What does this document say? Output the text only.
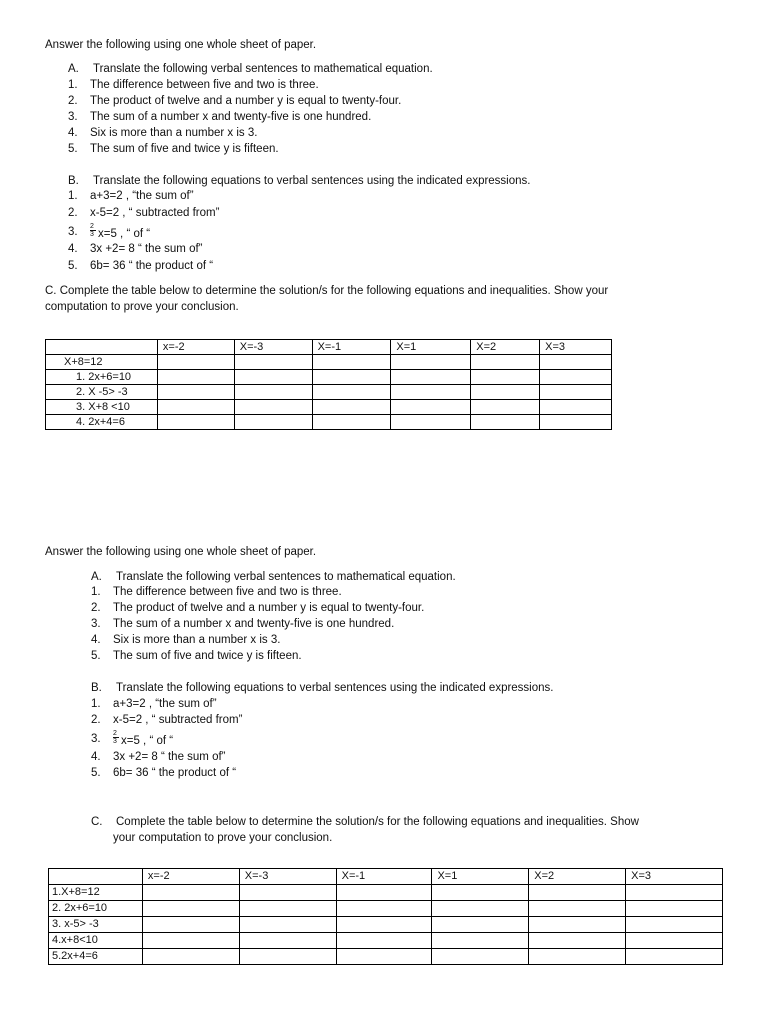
Answer the following using one whole sheet of paper.
A. Translate the following verbal sentences to mathematical equation.
1. The difference between five and two is three.
2. The product of twelve and a number y is equal to twenty-four.
3. The sum of a number x and twenty-five is one hundred.
4. Six is more than a number x is 3.
5. The sum of five and twice y is fifteen.
B. Translate the following equations to verbal sentences using the indicated expressions.
1. a+3=2 , “the sum of”
2. x-5=2 , “ subtracted from”
3. $\frac{2}{3} x=5$ , “ of “
4. 3x +2= 8 “ the sum of”
5. 6b= 36 “ the product of “
C. Complete the table below to determine the solution/s for the following equations and inequalities. Show your
computation to prove your conclusion.
	x=-2	X=-3	X=-1	X=1	X=2	X=3
X+8=12						
1. 2x+6=10						
2. X -5> -3						
3. X+8 <10						
4. 2x+4=6						
Answer the following using one whole sheet of paper.
A. Translate the following verbal sentences to mathematical equation.
1. The difference between five and two is three.
2. The product of twelve and a number y is equal to twenty-four.
3. The sum of a number x and twenty-five is one hundred.
4. Six is more than a number x is 3.
5. The sum of five and twice y is fifteen.
B. Translate the following equations to verbal sentences using the indicated expressions.
1. a+3=2 , “the sum of”
2. x-5=2 , “ subtracted from”
3. $\frac{2}{3} x=5$ , “ of “
4. 3x +2= 8 “ the sum of”
5. 6b= 36 “ the product of “
C. Complete the table below to determine the solution/s for the following equations and inequalities. Show
your computation to prove your conclusion.
	x=-2	X=-3	X=-1	X=1	X=2	X=3
1.X+8=12						
2. 2x+6=10						
3. x-5> -3						
4.x+8<10						
5.2x+4=6						
